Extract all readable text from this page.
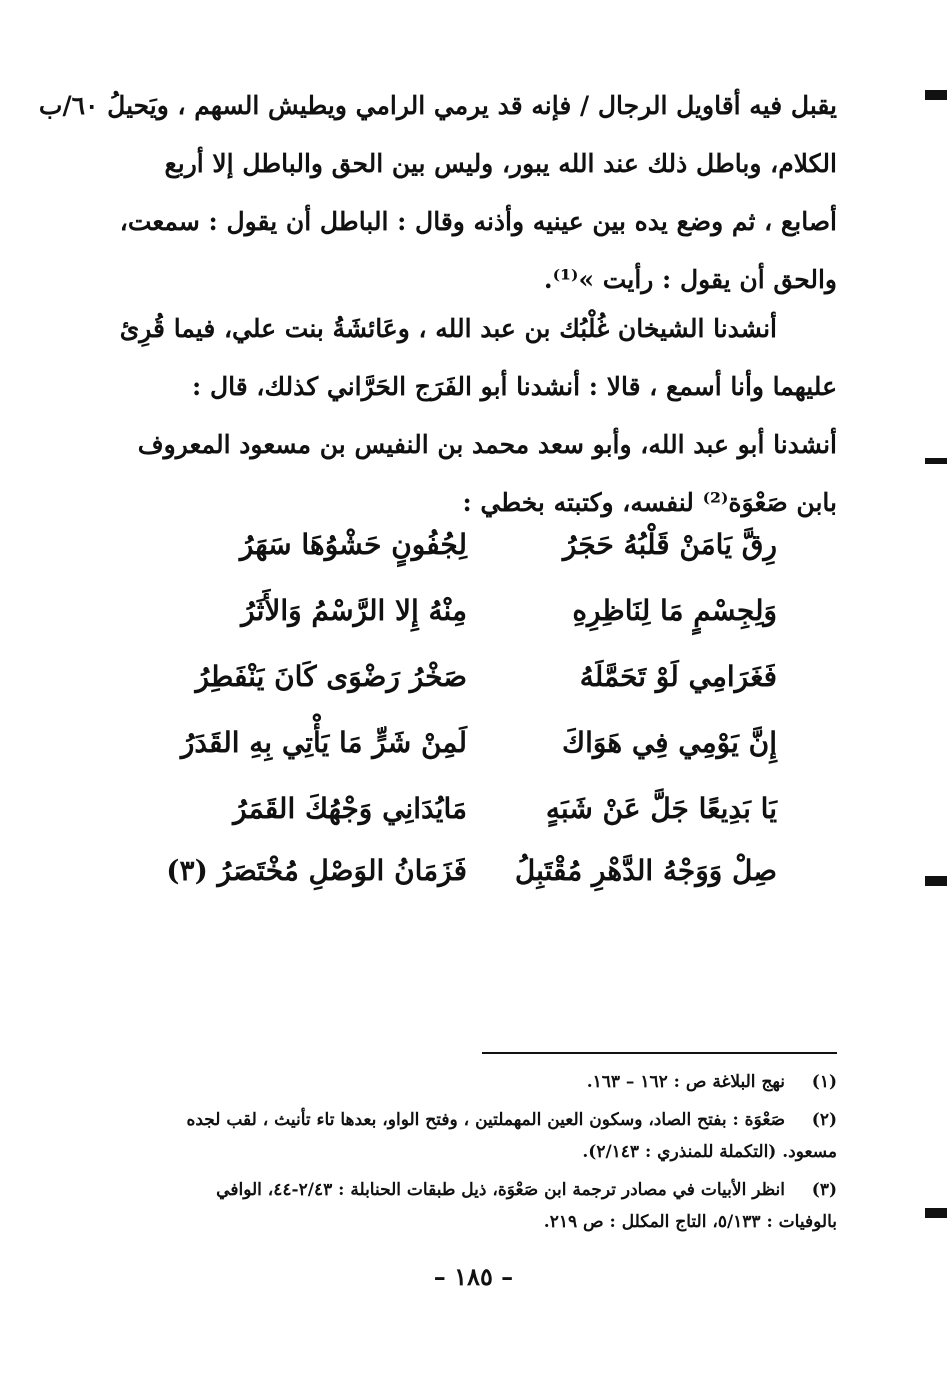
يقبل فيه أقاويل الرجال / فإنه قد يرمي الرامي ويطيش السهم ، ويَحيلُ ٦٠/ب
الكلام، وباطل ذلك عند الله يبور، وليس بين الحق والباطل إلا أربع
أصابع ، ثم وضع يده بين عينيه وأذنه وقال : الباطل أن يقول : سمعت،
والحق أن يقول : رأيت »⁽¹⁾.
أنشدنا الشيخان غُلْبُك بن عبد الله ، وعَائشَةُ بنت علي، فيما قُرِئ
عليهما وأنا أسمع ، قالا : أنشدنا أبو الفَرَج الحَرَّاني كذلك، قال :
أنشدنا أبو عبد الله، وأبو سعد محمد بن النفيس بن مسعود المعروف
بابن صَعْوَة⁽²⁾ لنفسه، وكتبته بخطي :
رِقَّ يَامَنْ قَلْبُهُ حَجَرُ
لِجُفُونٍ حَشْوُهَا سَهَرُ
وَلِجِسْمٍ مَا لِنَاظِرِهِ
مِنْهُ إِلا الرَّسْمُ وَالأَثَرُ
فَغَرَامِي لَوْ تَحَمَّلَهُ
صَخْرُ رَضْوَى كَانَ يَنْفَطِرُ
إِنَّ يَوْمِي فِي هَوَاكَ
لَمِنْ شَرٍّ مَا يَأْتِي بِهِ القَدَرُ
يَا بَدِيعًا جَلَّ عَنْ شَبَهٍ
مَايُدَانِي وَجْهُكَ القَمَرُ
صِلْ وَوَجْهُ الدَّهْرِ مُقْتَبِلُ
فَزَمَانُ الوَصْلِ مُخْتَصَرُ (٣)
(١)نهج البلاغة ص : ١٦٢ – ١٦٣.
(٢)صَعْوَة : بفتح الصاد، وسكون العين المهملتين ، وفتح الواو، بعدها تاء تأنيث ، لقب لجده
مسعود. (التكملة للمنذري : ٢/١٤٣).
(٣)انظر الأبيات في مصادر ترجمة ابن صَعْوَة، ذيل طبقات الحنابلة : ٢/٤٣-٤٤، الوافي
بالوفيات : ٥/١٣٣، التاج المكلل : ص ٢١٩.
– ١٨٥ –
